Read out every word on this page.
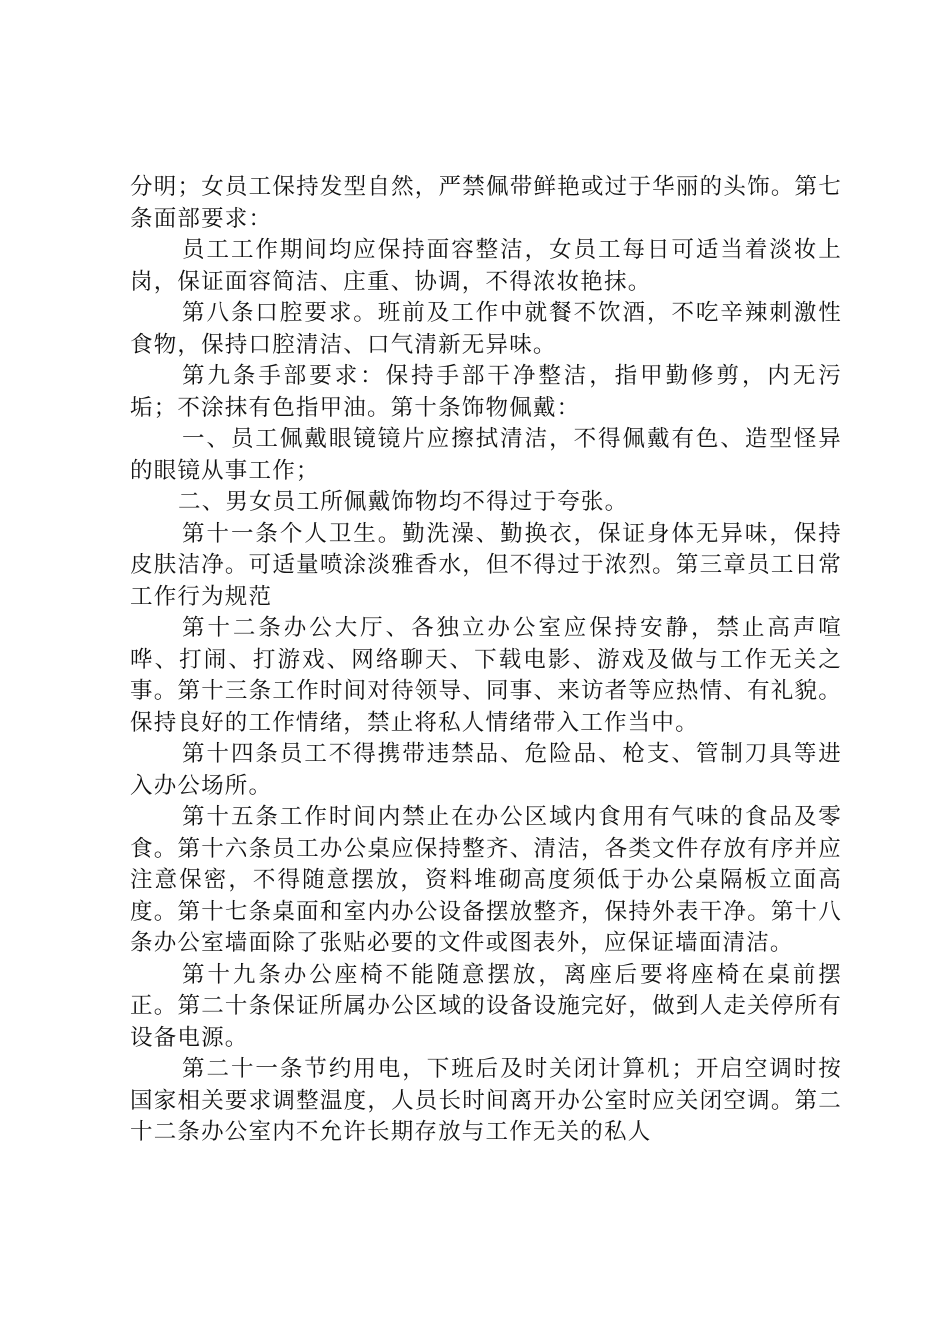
分明；女员工保持发型自然，严禁佩带鲜艳或过于华丽的头饰。第七条面部要求：

员工工作期间均应保持面容整洁，女员工每日可适当着淡妆上岗，保证面容简洁、庄重、协调，不得浓妆艳抹。

第八条口腔要求。班前及工作中就餐不饮酒，不吃辛辣刺激性食物，保持口腔清洁、口气清新无异味。

第九条手部要求：保持手部干净整洁，指甲勤修剪，内无污垢；不涂抹有色指甲油。第十条饰物佩戴：

一、员工佩戴眼镜镜片应擦拭清洁，不得佩戴有色、造型怪异的眼镜从事工作；

二、男女员工所佩戴饰物均不得过于夸张。

第十一条个人卫生。勤洗澡、勤换衣，保证身体无异味，保持皮肤洁净。可适量喷涂淡雅香水，但不得过于浓烈。第三章员工日常工作行为规范

第十二条办公大厅、各独立办公室应保持安静，禁止高声喧哗、打闹、打游戏、网络聊天、下载电影、游戏及做与工作无关之事。第十三条工作时间对待领导、同事、来访者等应热情、有礼貌。保持良好的工作情绪，禁止将私人情绪带入工作当中。

第十四条员工不得携带违禁品、危险品、枪支、管制刀具等进入办公场所。

第十五条工作时间内禁止在办公区域内食用有气味的食品及零食。第十六条员工办公桌应保持整齐、清洁，各类文件存放有序并应注意保密，不得随意摆放，资料堆砌高度须低于办公桌隔板立面高度。第十七条桌面和室内办公设备摆放整齐，保持外表干净。第十八条办公室墙面除了张贴必要的文件或图表外，应保证墙面清洁。

第十九条办公座椅不能随意摆放，离座后要将座椅在桌前摆正。第二十条保证所属办公区域的设备设施完好，做到人走关停所有设备电源。

第二十一条节约用电，下班后及时关闭计算机；开启空调时按国家相关要求调整温度，人员长时间离开办公室时应关闭空调。第二十二条办公室内不允许长期存放与工作无关的私人
